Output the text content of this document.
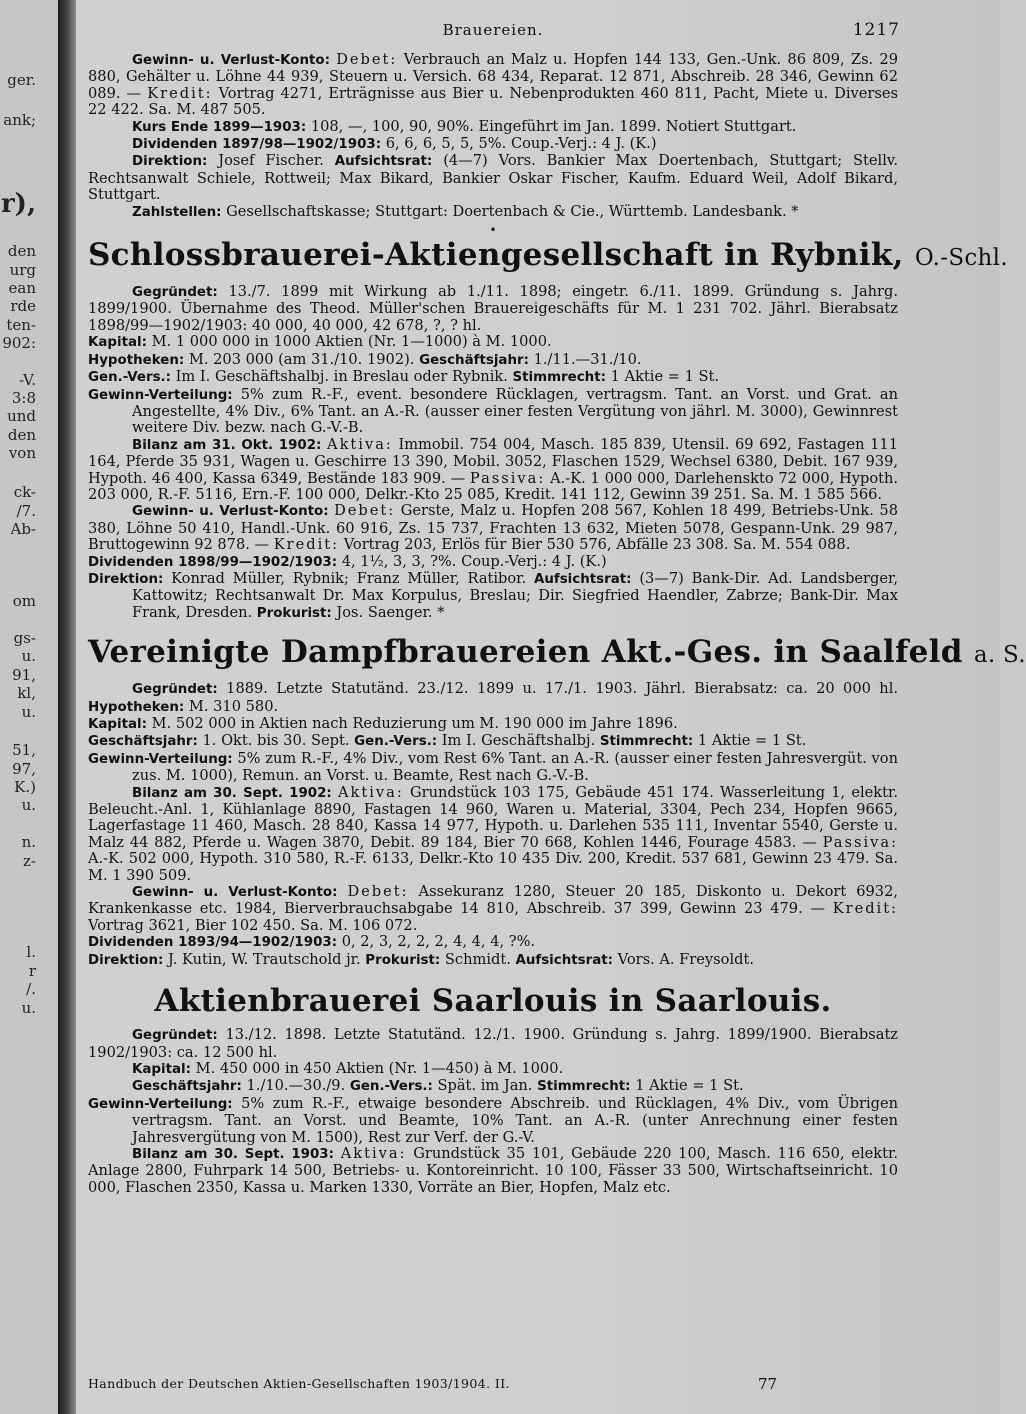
ger.
ank;
r),
den
urg
ean
rde
ten-
902:
-V.
3:8
und
den
von
ck-
/7.
Ab-
om
gs-
u.
91,
kl,
u.
51,
97,
K.)
u.
n.
z-
l.
r
/.
u.
Brauereien.	1217

Gewinn- u. Verlust-Konto: Debet: Verbrauch an Malz u. Hopfen 144 133, Gen.-Unk. 86 809, Zs. 29 880, Gehälter u. Löhne 44 939, Steuern u. Versich. 68 434, Reparat. 12 871, Abschreib. 28 346, Gewinn 62 089. — Kredit: Vortrag 4271, Erträgnisse aus Bier u. Nebenprodukten 460 811, Pacht, Miete u. Diverses 22 422. Sa. M. 487 505.

Kurs Ende 1899—1903: 108, —, 100, 90, 90%. Eingeführt im Jan. 1899. Notiert Stuttgart.

Dividenden 1897/98—1902/1903: 6, 6, 6, 5, 5, 5%. Coup.-Verj.: 4 J. (K.)

Direktion: Josef Fischer. Aufsichtsrat: (4—7) Vors. Bankier Max Doertenbach, Stuttgart; Stellv. Rechtsanwalt Schiele, Rottweil; Max Bikard, Bankier Oskar Fischer, Kaufm. Eduard Weil, Adolf Bikard, Stuttgart.

Zahlstellen: Gesellschaftskasse; Stuttgart: Doertenbach & Cie., Württemb. Landesbank. *

•
Schlossbrauerei-Aktiengesellschaft in Rybnik, O.-Schl.

Gegründet: 13./7. 1899 mit Wirkung ab 1./11. 1898; eingetr. 6./11. 1899. Gründung s. Jahrg. 1899/1900. Übernahme des Theod. Müller'schen Brauereigeschäfts für M. 1 231 702. Jährl. Bierabsatz 1898/99—1902/1903: 40 000, 40 000, 42 678, ?, ? hl.

Kapital: M. 1 000 000 in 1000 Aktien (Nr. 1—1000) à M. 1000.

Hypotheken: M. 203 000 (am 31./10. 1902). Geschäftsjahr: 1./11.—31./10.

Gen.-Vers.: Im I. Geschäftshalbj. in Breslau oder Rybnik. Stimmrecht: 1 Aktie = 1 St.

Gewinn-Verteilung: 5% zum R.-F., event. besondere Rücklagen, vertragsm. Tant. an Vorst. und Grat. an Angestellte, 4% Div., 6% Tant. an A.-R. (ausser einer festen Vergütung von jährl. M. 3000), Gewinnrest weitere Div. bezw. nach G.-V.-B.

Bilanz am 31. Okt. 1902: Aktiva: Immobil. 754 004, Masch. 185 839, Utensil. 69 692, Fastagen 111 164, Pferde 35 931, Wagen u. Geschirre 13 390, Mobil. 3052, Flaschen 1529, Wechsel 6380, Debit. 167 939, Hypoth. 46 400, Kassa 6349, Bestände 183 909. — Passiva: A.-K. 1 000 000, Darlehenskto 72 000, Hypoth. 203 000, R.-F. 5116, Ern.-F. 100 000, Delkr.-Kto 25 085, Kredit. 141 112, Gewinn 39 251. Sa. M. 1 585 566.

Gewinn- u. Verlust-Konto: Debet: Gerste, Malz u. Hopfen 208 567, Kohlen 18 499, Betriebs-Unk. 58 380, Löhne 50 410, Handl.-Unk. 60 916, Zs. 15 737, Frachten 13 632, Mieten 5078, Gespann-Unk. 29 987, Bruttogewinn 92 878. — Kredit: Vortrag 203, Erlös für Bier 530 576, Abfälle 23 308. Sa. M. 554 088.

Dividenden 1898/99—1902/1903: 4, 1½, 3, 3, ?%. Coup.-Verj.: 4 J. (K.)

Direktion: Konrad Müller, Rybnik; Franz Müller, Ratibor. Aufsichtsrat: (3—7) Bank-Dir. Ad. Landsberger, Kattowitz; Rechtsanwalt Dr. Max Korpulus, Breslau; Dir. Siegfried Haendler, Zabrze; Bank-Dir. Max Frank, Dresden. Prokurist: Jos. Saenger. *

Vereinigte Dampfbrauereien Akt.-Ges. in Saalfeld a. S.

Gegründet: 1889. Letzte Statutänd. 23./12. 1899 u. 17./1. 1903. Jährl. Bierabsatz: ca. 20 000 hl. Hypotheken: M. 310 580.

Kapital: M. 502 000 in Aktien nach Reduzierung um M. 190 000 im Jahre 1896.

Geschäftsjahr: 1. Okt. bis 30. Sept. Gen.-Vers.: Im I. Geschäftshalbj. Stimmrecht: 1 Aktie = 1 St.

Gewinn-Verteilung: 5% zum R.-F., 4% Div., vom Rest 6% Tant. an A.-R. (ausser einer festen Jahresvergüt. von zus. M. 1000), Remun. an Vorst. u. Beamte, Rest nach G.-V.-B.

Bilanz am 30. Sept. 1902: Aktiva: Grundstück 103 175, Gebäude 451 174. Wasserleitung 1, elektr. Beleucht.-Anl. 1, Kühlanlage 8890, Fastagen 14 960, Waren u. Material, 3304, Pech 234, Hopfen 9665, Lagerfastage 11 460, Masch. 28 840, Kassa 14 977, Hypoth. u. Darlehen 535 111, Inventar 5540, Gerste u. Malz 44 882, Pferde u. Wagen 3870, Debit. 89 184, Bier 70 668, Kohlen 1446, Fourage 4583. — Passiva: A.-K. 502 000, Hypoth. 310 580, R.-F. 6133, Delkr.-Kto 10 435 Div. 200, Kredit. 537 681, Gewinn 23 479. Sa. M. 1 390 509.

Gewinn- u. Verlust-Konto: Debet: Assekuranz 1280, Steuer 20 185, Diskonto u. Dekort 6932, Krankenkasse etc. 1984, Bierverbrauchsabgabe 14 810, Abschreib. 37 399, Gewinn 23 479. — Kredit: Vortrag 3621, Bier 102 450. Sa. M. 106 072.

Dividenden 1893/94—1902/1903: 0, 2, 3, 2, 2, 2, 4, 4, 4, ?%.

Direktion: J. Kutin, W. Trautschold jr. Prokurist: Schmidt. Aufsichtsrat: Vors. A. Freysoldt.

Aktienbrauerei Saarlouis in Saarlouis.

Gegründet: 13./12. 1898. Letzte Statutänd. 12./1. 1900. Gründung s. Jahrg. 1899/1900. Bierabsatz 1902/1903: ca. 12 500 hl.

Kapital: M. 450 000 in 450 Aktien (Nr. 1—450) à M. 1000.

Geschäftsjahr: 1./10.—30./9. Gen.-Vers.: Spät. im Jan. Stimmrecht: 1 Aktie = 1 St.

Gewinn-Verteilung: 5% zum R.-F., etwaige besondere Abschreib. und Rücklagen, 4% Div., vom Übrigen vertragsm. Tant. an Vorst. und Beamte, 10% Tant. an A.-R. (unter Anrechnung einer festen Jahresvergütung von M. 1500), Rest zur Verf. der G.-V.

Bilanz am 30. Sept. 1903: Aktiva: Grundstück 35 101, Gebäude 220 100, Masch. 116 650, elektr. Anlage 2800, Fuhrpark 14 500, Betriebs- u. Kontoreinricht. 10 100, Fässer 33 500, Wirtschaftseinricht. 10 000, Flaschen 2350, Kassa u. Marken 1330, Vorräte an Bier, Hopfen, Malz etc.

Handbuch der Deutschen Aktien-Gesellschaften 1903/1904. II.	77
